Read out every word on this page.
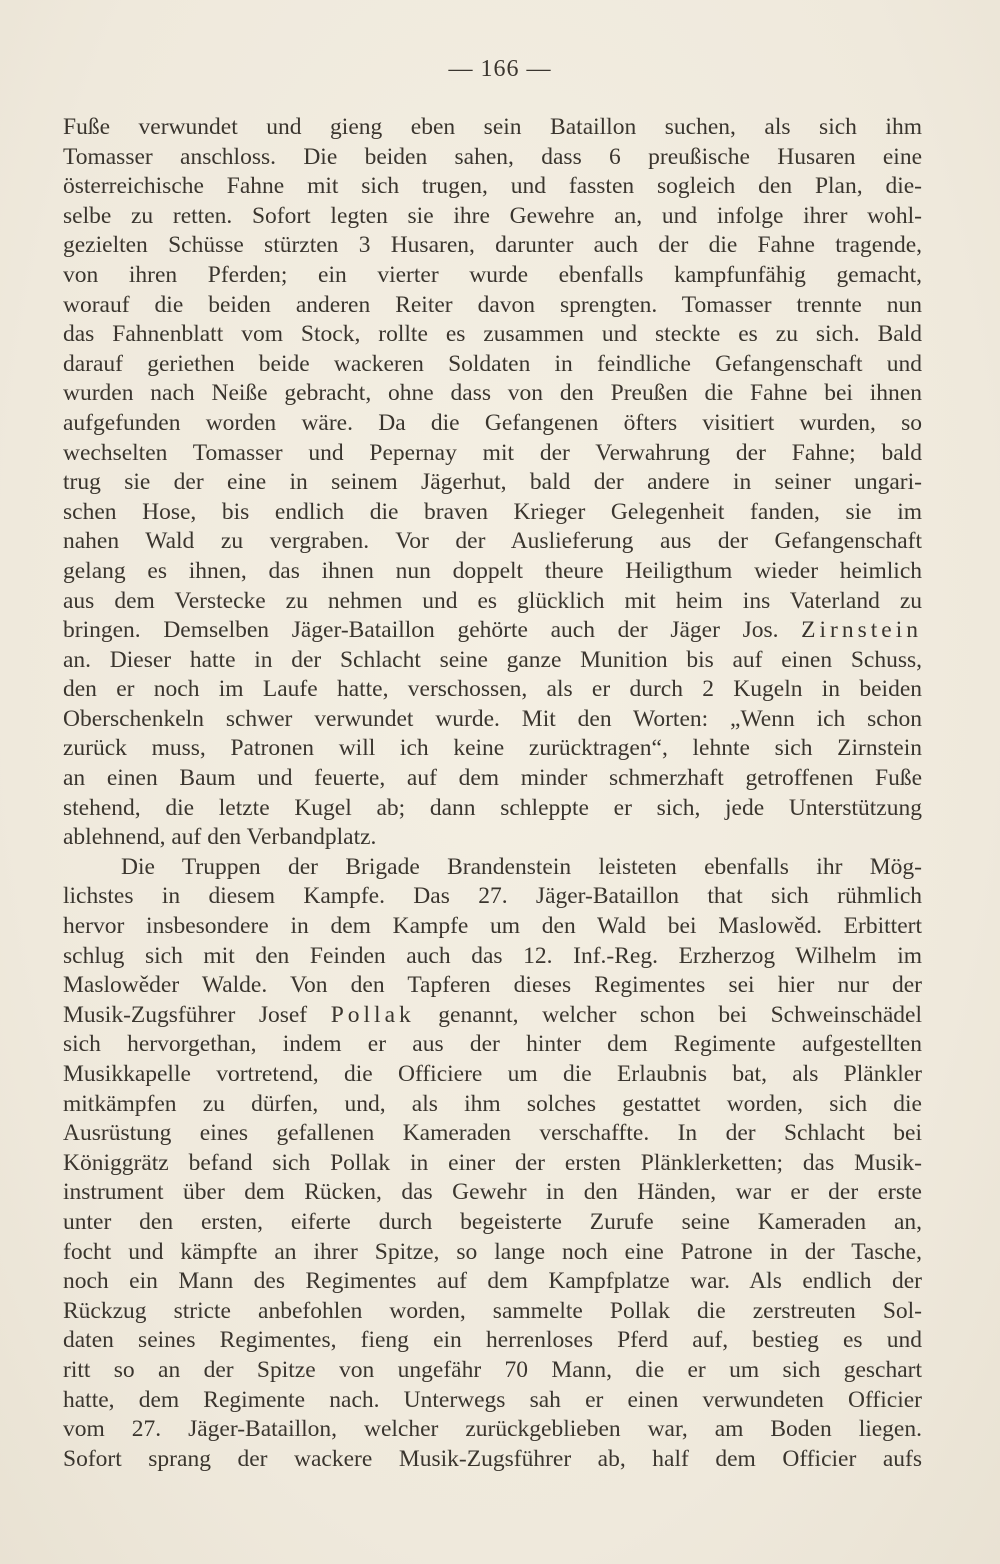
— 166 —
Fuße verwundet und gieng eben sein Bataillon suchen, als sich ihm
Tomasser anschloss. Die beiden sahen, dass 6 preußische Husaren eine
österreichische Fahne mit sich trugen, und fassten sogleich den Plan, die-
selbe zu retten. Sofort legten sie ihre Gewehre an, und infolge ihrer wohl-
gezielten Schüsse stürzten 3 Husaren, darunter auch der die Fahne tragende,
von ihren Pferden; ein vierter wurde ebenfalls kampfunfähig gemacht,
worauf die beiden anderen Reiter davon sprengten. Tomasser trennte nun
das Fahnenblatt vom Stock, rollte es zusammen und steckte es zu sich. Bald
darauf geriethen beide wackeren Soldaten in feindliche Gefangenschaft und
wurden nach Neiße gebracht, ohne dass von den Preußen die Fahne bei ihnen
aufgefunden worden wäre. Da die Gefangenen öfters visitiert wurden, so
wechselten Tomasser und Pepernay mit der Verwahrung der Fahne; bald
trug sie der eine in seinem Jägerhut, bald der andere in seiner ungari-
schen Hose, bis endlich die braven Krieger Gelegenheit fanden, sie im
nahen Wald zu vergraben. Vor der Auslieferung aus der Gefangenschaft
gelang es ihnen, das ihnen nun doppelt theure Heiligthum wieder heimlich
aus dem Verstecke zu nehmen und es glücklich mit heim ins Vaterland zu
bringen. Demselben Jäger-Bataillon gehörte auch der Jäger Jos. Zirnstein
an. Dieser hatte in der Schlacht seine ganze Munition bis auf einen Schuss,
den er noch im Laufe hatte, verschossen, als er durch 2 Kugeln in beiden
Oberschenkeln schwer verwundet wurde. Mit den Worten: „Wenn ich schon
zurück muss, Patronen will ich keine zurücktragen“, lehnte sich Zirnstein
an einen Baum und feuerte, auf dem minder schmerzhaft getroffenen Fuße
stehend, die letzte Kugel ab; dann schleppte er sich, jede Unterstützung
ablehnend, auf den Verbandplatz.
Die Truppen der Brigade Brandenstein leisteten ebenfalls ihr Mög-
lichstes in diesem Kampfe. Das 27. Jäger-Bataillon that sich rühmlich
hervor insbesondere in dem Kampfe um den Wald bei Maslowěd. Erbittert
schlug sich mit den Feinden auch das 12. Inf.-Reg. Erzherzog Wilhelm im
Maslowěder Walde. Von den Tapferen dieses Regimentes sei hier nur der
Musik-Zugsführer Josef Pollak genannt, welcher schon bei Schweinschädel
sich hervorgethan, indem er aus der hinter dem Regimente aufgestellten
Musikkapelle vortretend, die Officiere um die Erlaubnis bat, als Plänkler
mitkämpfen zu dürfen, und, als ihm solches gestattet worden, sich die
Ausrüstung eines gefallenen Kameraden verschaffte. In der Schlacht bei
Königgrätz befand sich Pollak in einer der ersten Plänklerketten; das Musik-
instrument über dem Rücken, das Gewehr in den Händen, war er der erste
unter den ersten, eiferte durch begeisterte Zurufe seine Kameraden an,
focht und kämpfte an ihrer Spitze, so lange noch eine Patrone in der Tasche,
noch ein Mann des Regimentes auf dem Kampfplatze war. Als endlich der
Rückzug stricte anbefohlen worden, sammelte Pollak die zerstreuten Sol-
daten seines Regimentes, fieng ein herrenloses Pferd auf, bestieg es und
ritt so an der Spitze von ungefähr 70 Mann, die er um sich geschart
hatte, dem Regimente nach. Unterwegs sah er einen verwundeten Officier
vom 27. Jäger-Bataillon, welcher zurückgeblieben war, am Boden liegen.
Sofort sprang der wackere Musik-Zugsführer ab, half dem Officier aufs
